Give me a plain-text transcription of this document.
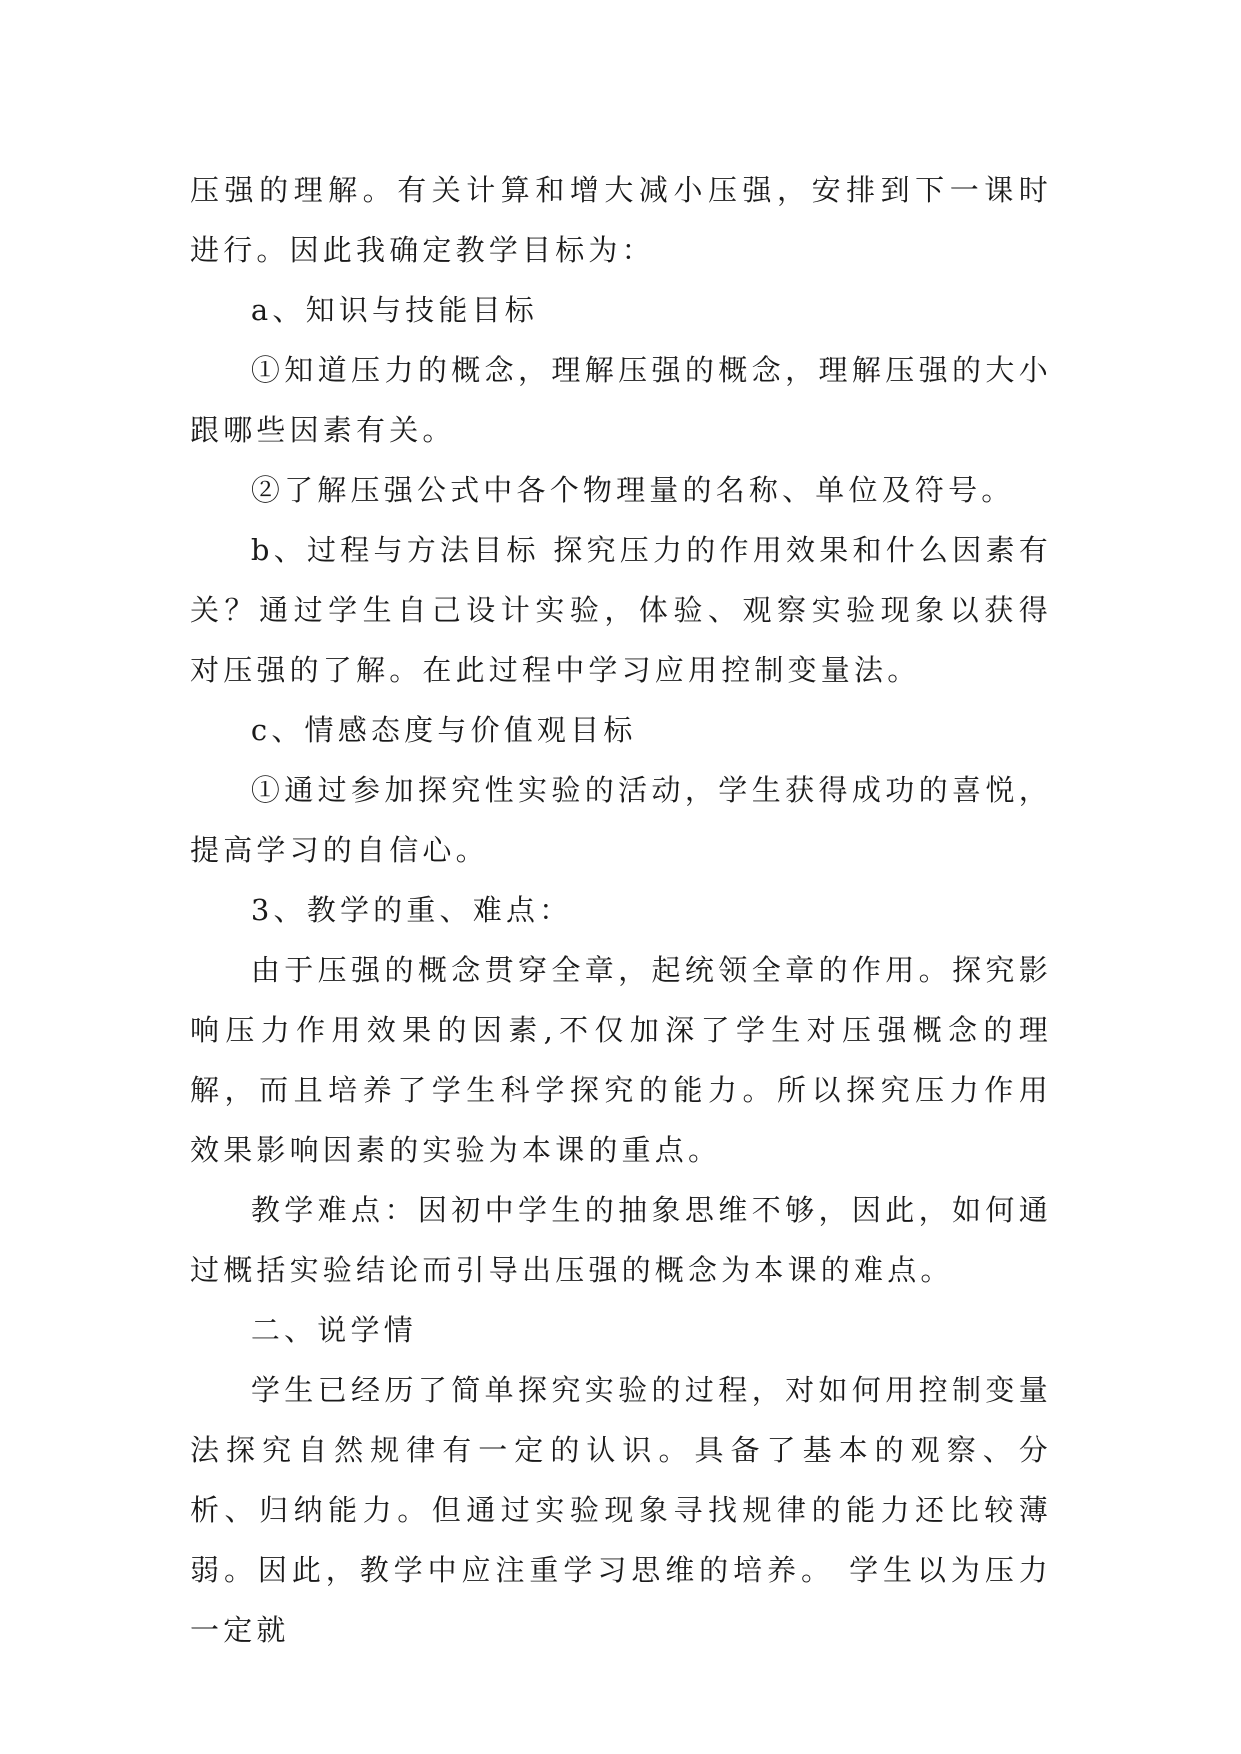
压强的理解。有关计算和增大减小压强，安排到下一课时进行。因此我确定教学目标为：

a、知识与技能目标

①知道压力的概念，理解压强的概念，理解压强的大小跟哪些因素有关。

②了解压强公式中各个物理量的名称、单位及符号。

b、过程与方法目标 探究压力的作用效果和什么因素有关？通过学生自己设计实验，体验、观察实验现象以获得对压强的了解。在此过程中学习应用控制变量法。

c、情感态度与价值观目标

①通过参加探究性实验的活动，学生获得成功的喜悦，提高学习的自信心。

3、教学的重、难点：

由于压强的概念贯穿全章，起统领全章的作用。探究影响压力作用效果的因素,不仅加深了学生对压强概念的理解，而且培养了学生科学探究的能力。所以探究压力作用效果影响因素的实验为本课的重点。

教学难点：因初中学生的抽象思维不够，因此，如何通过概括实验结论而引导出压强的概念为本课的难点。

二、说学情

学生已经历了简单探究实验的过程，对如何用控制变量法探究自然规律有一定的认识。具备了基本的观察、分析、归纳能力。但通过实验现象寻找规律的能力还比较薄弱。因此，教学中应注重学习思维的培养。 学生以为压力一定就
